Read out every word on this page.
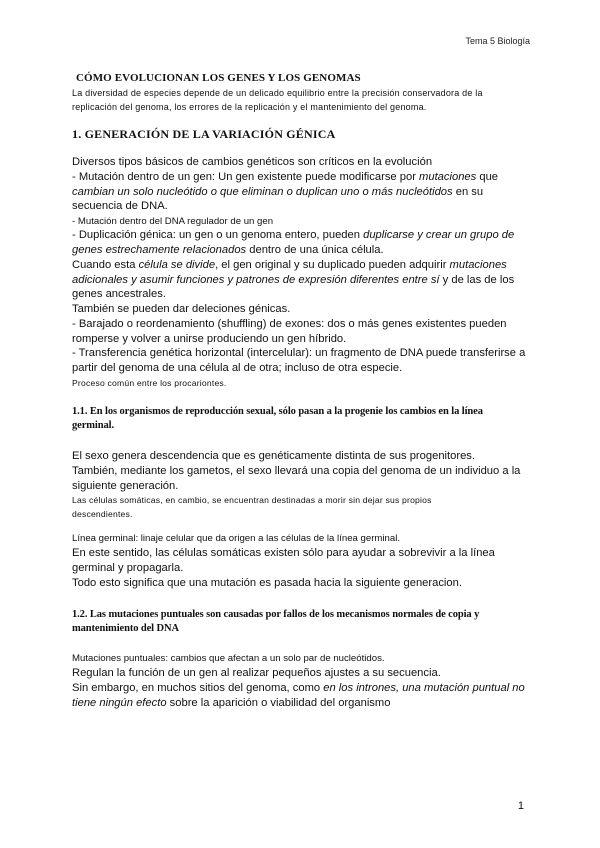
Tema 5 Biología
CÓMO EVOLUCIONAN LOS GENES Y LOS GENOMAS
La diversidad de especies depende de un delicado equilibrio entre la precisión conservadora de la
replicación del genoma, los errores de la replicación y el mantenimiento del genoma.
1. GENERACIÓN DE LA VARIACIÓN GÉNICA
Diversos tipos básicos de cambios genéticos son críticos en la evolución
- Mutación dentro de un gen: Un gen existente puede modificarse por mutaciones que
cambian un solo nucleótido o que eliminan o duplican uno o más nucleótidos en su
secuencia de DNA.
- Mutación dentro del DNA regulador de un gen
- Duplicación génica: un gen o un genoma entero, pueden duplicarse y crear un grupo de
genes estrechamente relacionados dentro de una única célula.
Cuando esta célula se divide, el gen original y su duplicado pueden adquirir mutaciones
adicionales y asumir funciones y patrones de expresión diferentes entre sí y de las de los
genes ancestrales.
También se pueden dar deleciones génicas.
- Barajado o reordenamiento (shuffling) de exones: dos o más genes existentes pueden
romperse y volver a unirse produciendo un gen híbrido.
- Transferencia genética horizontal (intercelular): un fragmento de DNA puede transferirse a
partir del genoma de una célula al de otra; incluso de otra especie.
Proceso común entre los procariontes.
1.1. En los organismos de reproducción sexual, sólo pasan a la progenie los cambios en la línea
germinal.
El sexo genera descendencia que es genéticamente distinta de sus progenitores.
También, mediante los gametos, el sexo llevará una copia del genoma de un individuo a la
siguiente generación.
Las células somáticas, en cambio, se encuentran destinadas a morir sin dejar sus propios
descendientes.
Línea germinal: linaje celular que da origen a las células de la línea germinal.
En este sentido, las células somáticas existen sólo para ayudar a sobrevivir a la línea
germinal y propagarla.
Todo esto significa que una mutación es pasada hacia la siguiente generacion.
1.2. Las mutaciones puntuales son causadas por fallos de los mecanismos normales de copia y
mantenimiento del DNA
Mutaciones puntuales: cambios que afectan a un solo par de nucleótidos.
Regulan la función de un gen al realizar pequeños ajustes a su secuencia.
Sin embargo, en muchos sitios del genoma, como en los intrones, una mutación puntual no
tiene ningún efecto sobre la aparición o viabilidad del organismo
1
